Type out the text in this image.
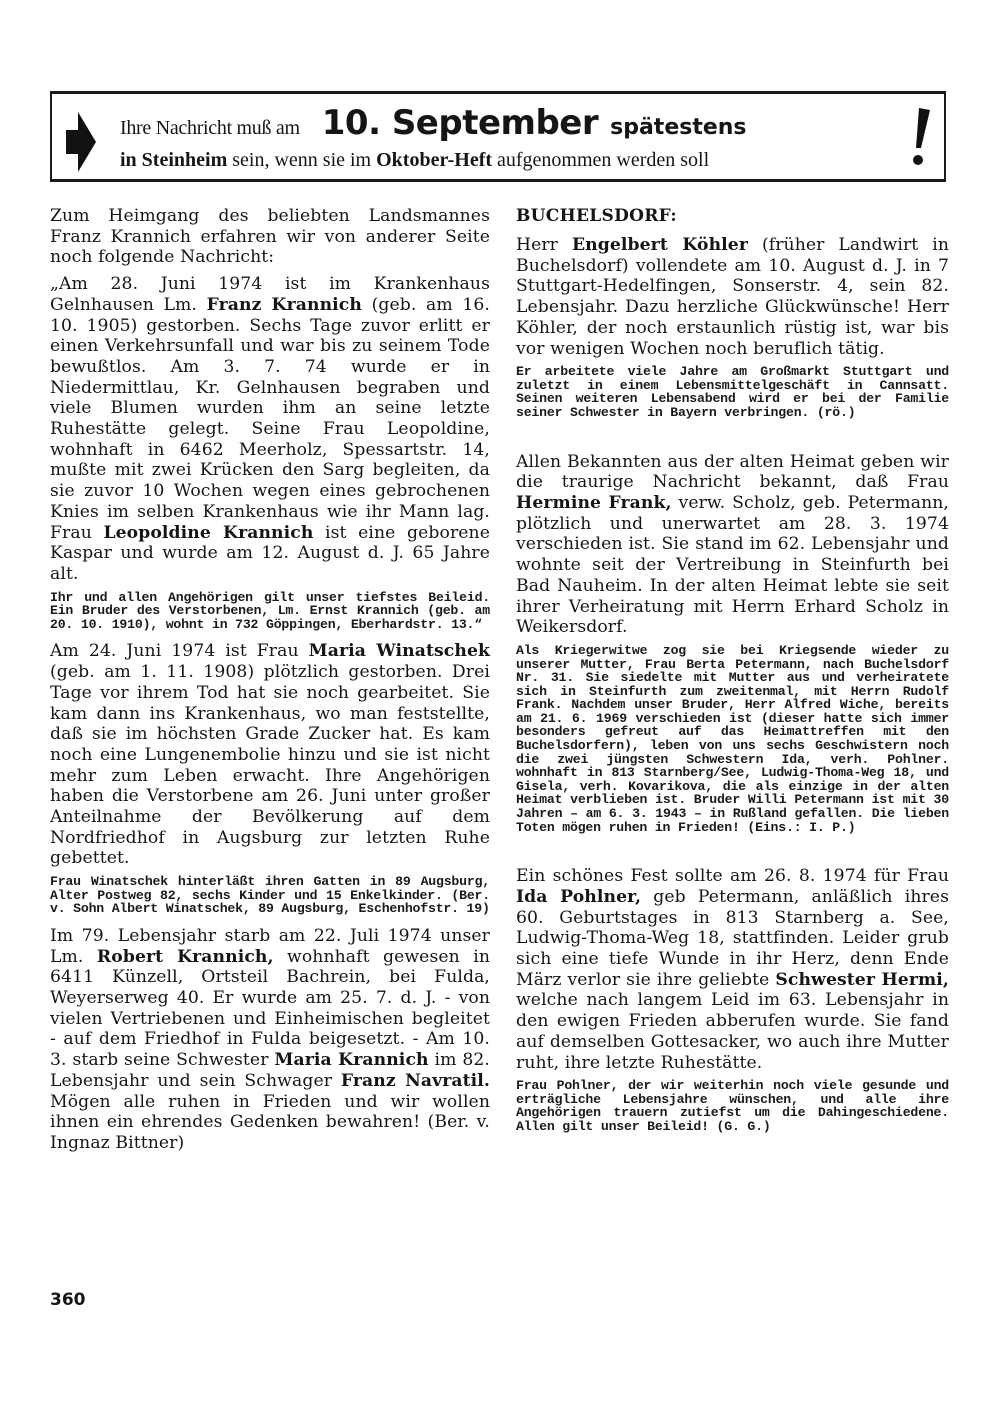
Ihre Nachricht muß am 10. September spätestens
in Steinheim sein, wenn sie im Oktober-Heft aufgenommen werden soll

Zum Heimgang des beliebten Landsmannes Franz Krannich erfahren wir von anderer Seite noch folgende Nachricht:

„Am 28. Juni 1974 ist im Krankenhaus Gelnhausen Lm. Franz Krannich (geb. am 16. 10. 1905) gestorben. Sechs Tage zuvor erlitt er einen Verkehrsunfall und war bis zu seinem Tode bewußtlos. Am 3. 7. 74 wurde er in Niedermittlau, Kr. Gelnhausen begraben und viele Blumen wurden ihm an seine letzte Ruhestätte gelegt. Seine Frau Leopoldine, wohnhaft in 6462 Meerholz, Spessartstr. 14, mußte mit zwei Krücken den Sarg begleiten, da sie zuvor 10 Wochen wegen eines gebrochenen Knies im selben Krankenhaus wie ihr Mann lag. Frau Leopoldine Krannich ist eine geborene Kaspar und wurde am 12. August d. J. 65 Jahre alt.

Ihr und allen Angehörigen gilt unser tiefstes Beileid. Ein Bruder des Verstorbenen, Lm. Ernst Krannich (geb. am 20. 10. 1910), wohnt in 732 Göppingen, Eberhardstr. 13.“

Am 24. Juni 1974 ist Frau Maria Winatschek (geb. am 1. 11. 1908) plötzlich gestorben. Drei Tage vor ihrem Tod hat sie noch gearbeitet. Sie kam dann ins Krankenhaus, wo man feststellte, daß sie im höchsten Grade Zucker hat. Es kam noch eine Lungenembolie hinzu und sie ist nicht mehr zum Leben erwacht. Ihre Angehörigen haben die Verstorbene am 26. Juni unter großer Anteilnahme der Bevölkerung auf dem Nordfriedhof in Augsburg zur letzten Ruhe gebettet.

Frau Winatschek hinterläßt ihren Gatten in 89 Augsburg, Alter Postweg 82, sechs Kinder und 15 Enkelkinder. (Ber. v. Sohn Albert Winatschek, 89 Augsburg, Eschenhofstr. 19)

Im 79. Lebensjahr starb am 22. Juli 1974 unser Lm. Robert Krannich, wohnhaft gewesen in 6411 Künzell, Ortsteil Bachrein, bei Fulda, Weyerserweg 40. Er wurde am 25. 7. d. J. - von vielen Vertriebenen und Einheimischen begleitet - auf dem Friedhof in Fulda beigesetzt. - Am 10. 3. starb seine Schwester Maria Krannich im 82. Lebensjahr und sein Schwager Franz Navratil. Mögen alle ruhen in Frieden und wir wollen ihnen ein ehrendes Gedenken bewahren! (Ber. v. Ingnaz Bittner)

BUCHELSDORF:

Herr Engelbert Köhler (früher Landwirt in Buchelsdorf) vollendete am 10. August d. J. in 7 Stuttgart-Hedelfingen, Sonserstr. 4, sein 82. Lebensjahr. Dazu herzliche Glückwünsche! Herr Köhler, der noch erstaunlich rüstig ist, war bis vor wenigen Wochen noch beruflich tätig.

Er arbeitete viele Jahre am Großmarkt Stuttgart und zuletzt in einem Lebensmittelgeschäft in Cannsatt. Seinen weiteren Lebensabend wird er bei der Familie seiner Schwester in Bayern verbringen. (rö.)

Allen Bekannten aus der alten Heimat geben wir die traurige Nachricht bekannt, daß Frau Hermine Frank, verw. Scholz, geb. Petermann, plötzlich und unerwartet am 28. 3. 1974 verschieden ist. Sie stand im 62. Lebensjahr und wohnte seit der Vertreibung in Steinfurth bei Bad Nauheim. In der alten Heimat lebte sie seit ihrer Verheiratung mit Herrn Erhard Scholz in Weikersdorf.

Als Kriegerwitwe zog sie bei Kriegsende wieder zu unserer Mutter, Frau Berta Petermann, nach Buchelsdorf Nr. 31. Sie siedelte mit Mutter aus und verheiratete sich in Steinfurth zum zweitenmal, mit Herrn Rudolf Frank. Nachdem unser Bruder, Herr Alfred Wiche, bereits am 21. 6. 1969 verschieden ist (dieser hatte sich immer besonders gefreut auf das Heimattreffen mit den Buchelsdorfern), leben von uns sechs Geschwistern noch die zwei jüngsten Schwestern Ida, verh. Pohlner. wohnhaft in 813 Starnberg/See, Ludwig-Thoma-Weg 18, und Gisela, verh. Kovarikova, die als einzige in der alten Heimat verblieben ist. Bruder Willi Petermann ist mit 30 Jahren – am 6. 3. 1943 – in Rußland gefallen. Die lieben Toten mögen ruhen in Frieden! (Eins.: I. P.)

Ein schönes Fest sollte am 26. 8. 1974 für Frau Ida Pohlner, geb Petermann, anläßlich ihres 60. Geburtstages in 813 Starnberg a. See, Ludwig-Thoma-Weg 18, stattfinden. Leider grub sich eine tiefe Wunde in ihr Herz, denn Ende März verlor sie ihre geliebte Schwester Hermi, welche nach langem Leid im 63. Lebensjahr in den ewigen Frieden abberufen wurde. Sie fand auf demselben Gottesacker, wo auch ihre Mutter ruht, ihre letzte Ruhestätte.

Frau Pohlner, der wir weiterhin noch viele gesunde und erträgliche Lebensjahre wünschen, und alle ihre Angehörigen trauern zutiefst um die Dahingeschiedene. Allen gilt unser Beileid! (G. G.)

360
